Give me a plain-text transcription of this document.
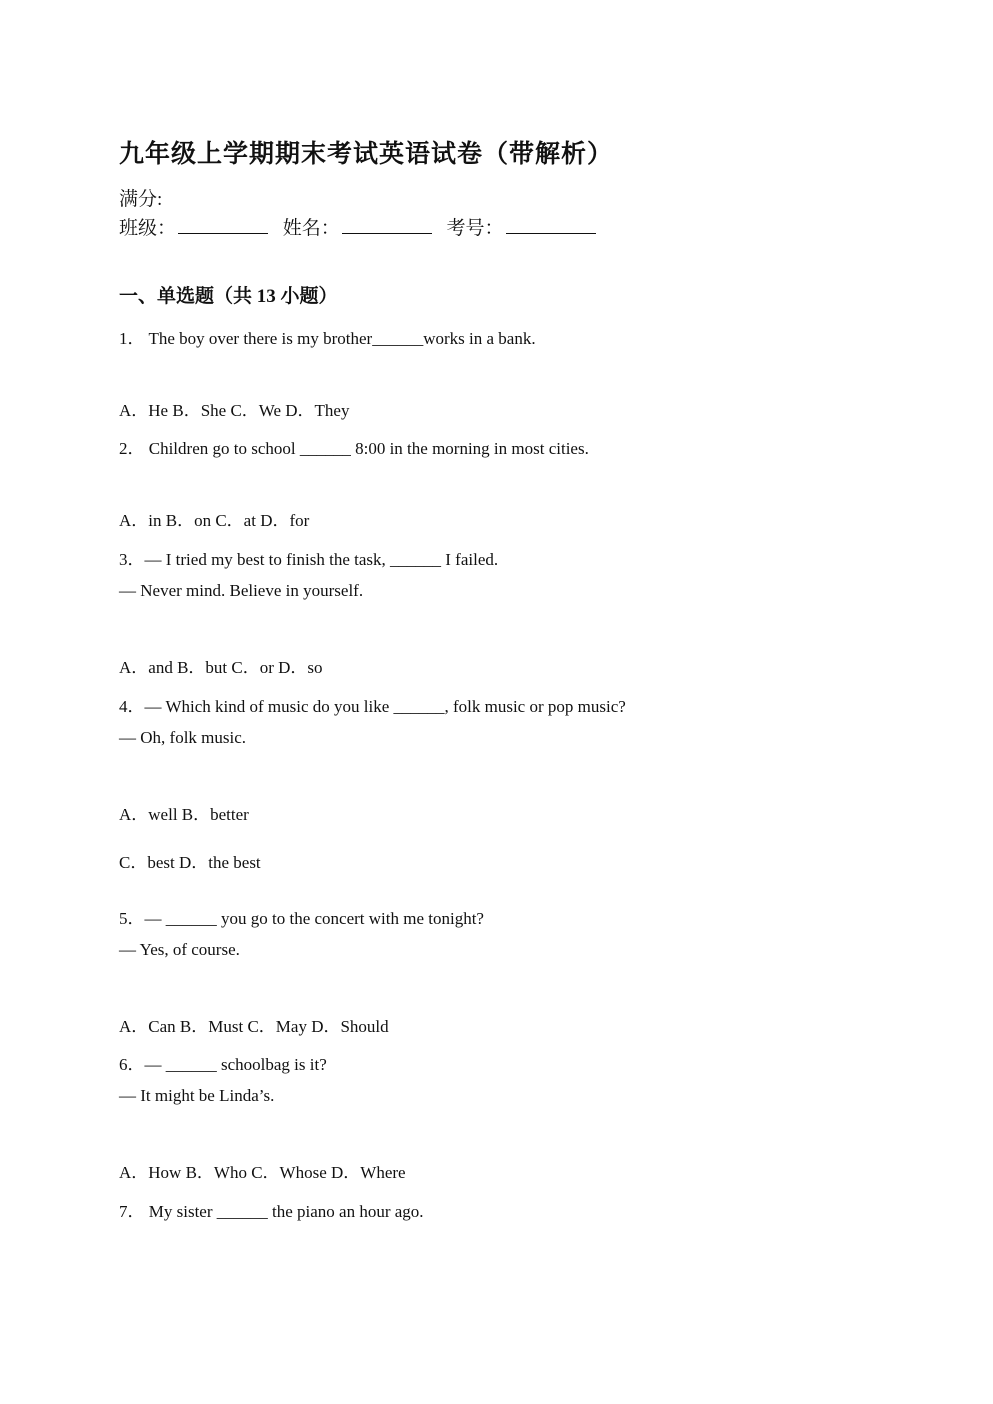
九年级上学期期末考试英语试卷（带解析）
满分:
班级：	姓名：	考号：
一、单选题（共 13 小题）
1． The boy over there is my brother______works in a bank.
A．He B．She C．We D．They
2． Children go to school ______ 8:00 in the morning in most cities.
A．in B．on C．at D．for
3．— I tried my best to finish the task, ______ I failed.
— Never mind. Believe in yourself.
A．and B．but C．or D．so
4．— Which kind of music do you like ______, folk music or pop music?
— Oh, folk music.
A．well B．better
C．best D．the best
5．— ______ you go to the concert with me tonight?
— Yes, of course.
A．Can B．Must C．May D．Should
6．— ______ schoolbag is it?
— It might be Linda’s.
A．How B．Who C．Whose D．Where
7． My sister ______ the piano an hour ago.
